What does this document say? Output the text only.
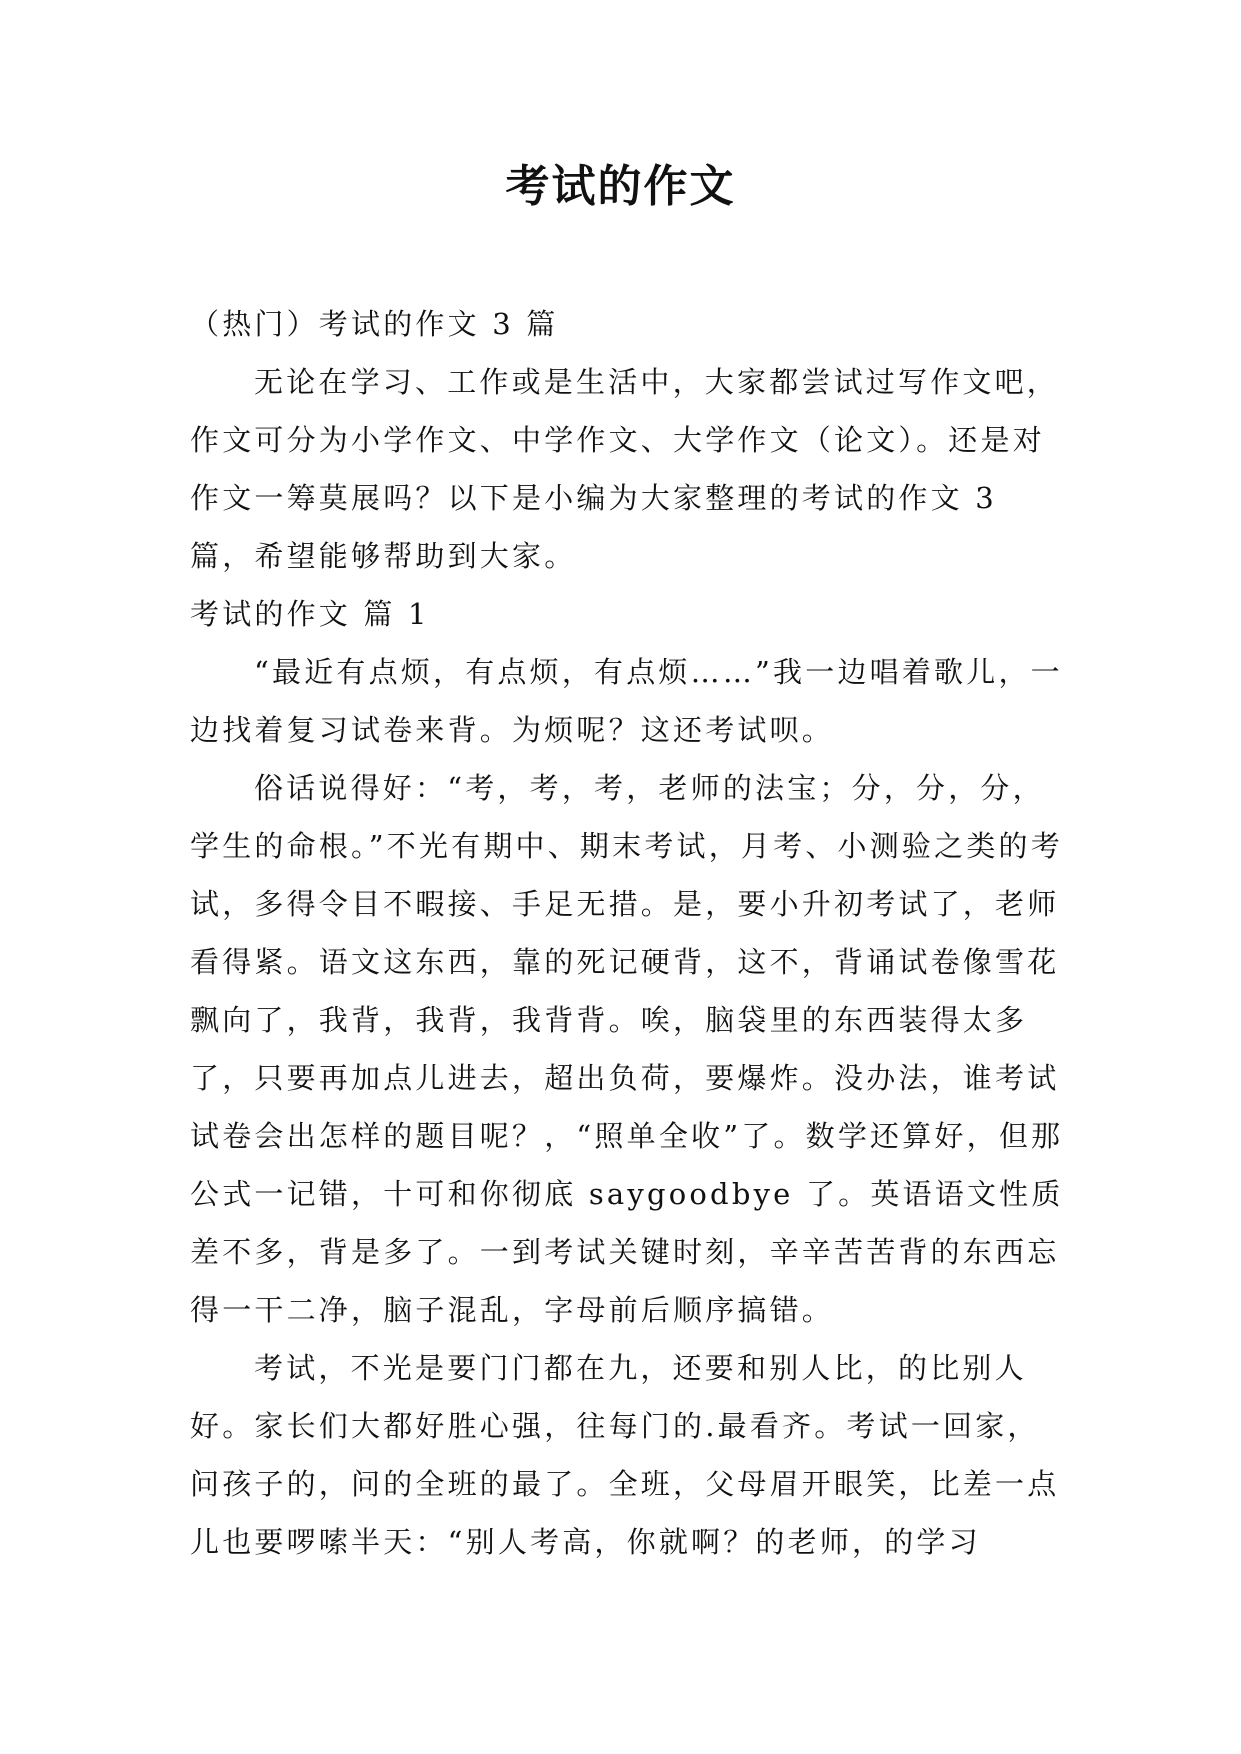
考试的作文

（热门）考试的作文 3 篇

无论在学习、工作或是生活中，大家都尝试过写作文吧，作文可分为小学作文、中学作文、大学作文（论文）。还是对作文一筹莫展吗？以下是小编为大家整理的考试的作文 3 篇，希望能够帮助到大家。

考试的作文 篇 1

“最近有点烦，有点烦，有点烦……”我一边唱着歌儿，一边找着复习试卷来背。为烦呢？这还考试呗。

俗话说得好：“考，考，考，老师的法宝；分，分，分，学生的命根。”不光有期中、期末考试，月考、小测验之类的考试，多得令目不暇接、手足无措。是，要小升初考试了，老师看得紧。语文这东西，靠的死记硬背，这不，背诵试卷像雪花飘向了，我背，我背，我背背。唉，脑袋里的东西装得太多了，只要再加点儿进去，超出负荷，要爆炸。没办法，谁考试试卷会出怎样的题目呢？，“照单全收”了。数学还算好，但那公式一记错，十可和你彻底 saygoodbye 了。英语语文性质差不多，背是多了。一到考试关键时刻，辛辛苦苦背的东西忘得一干二净，脑子混乱，字母前后顺序搞错。

考试，不光是要门门都在九，还要和别人比，的比别人好。家长们大都好胜心强，往每门的.最看齐。考试一回家，问孩子的，问的全班的最了。全班，父母眉开眼笑，比差一点儿也要啰嗦半天：“别人考高，你就啊？的老师，的学习
